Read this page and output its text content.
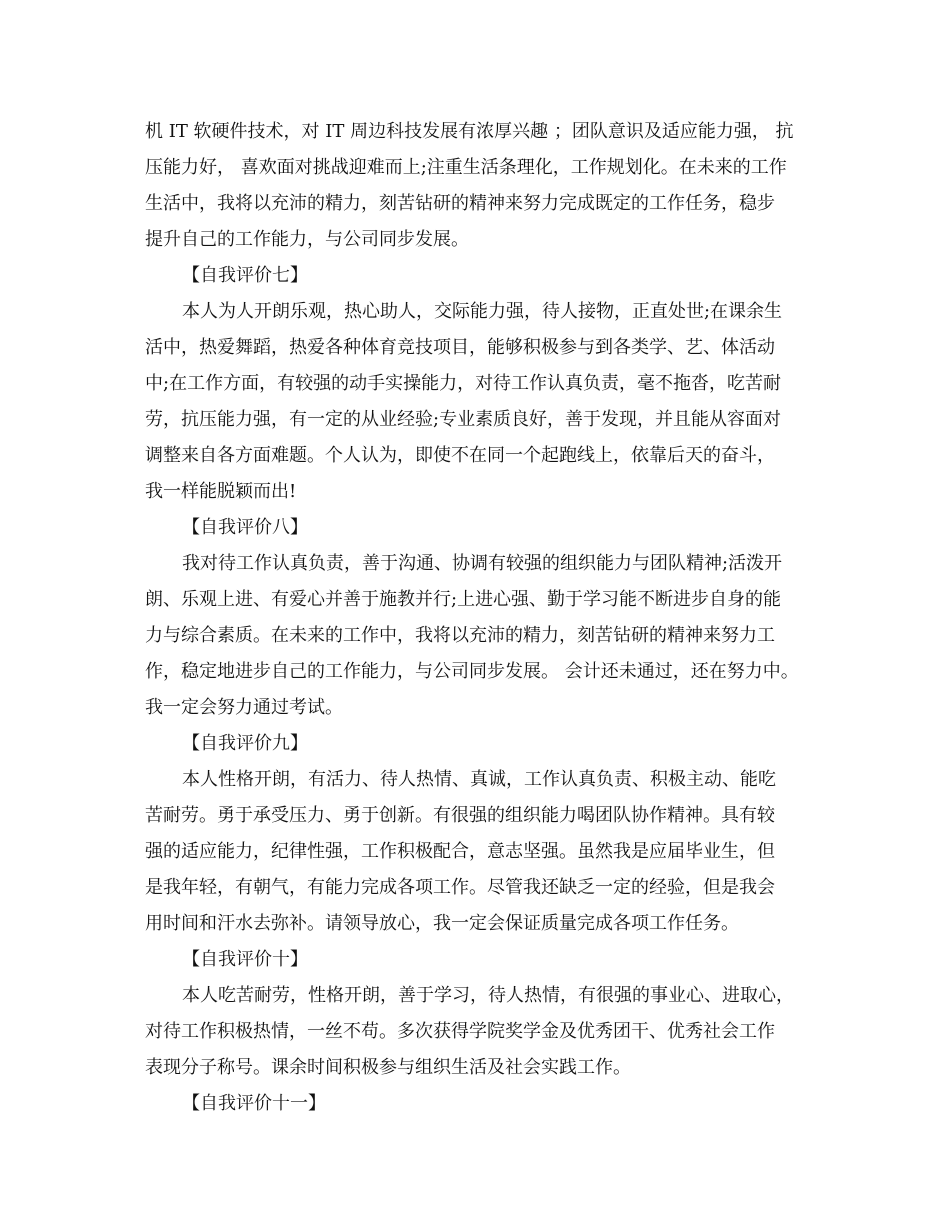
机 IT 软硬件技术，对 IT 周边科技发展有浓厚兴趣 ；团队意识及适应能力强， 抗
压能力好， 喜欢面对挑战迎难而上;注重生活条理化，工作规划化。在未来的工作
生活中，我将以充沛的精力，刻苦钻研的精神来努力完成既定的工作任务，稳步
提升自己的工作能力，与公司同步发展。
【自我评价七】
本人为人开朗乐观，热心助人，交际能力强，待人接物，正直处世;在课余生
活中，热爱舞蹈，热爱各种体育竞技项目，能够积极参与到各类学、艺、体活动
中;在工作方面，有较强的动手实操能力，对待工作认真负责，毫不拖沓，吃苦耐
劳，抗压能力强，有一定的从业经验;专业素质良好，善于发现，并且能从容面对
调整来自各方面难题。个人认为，即使不在同一个起跑线上，依靠后天的奋斗，
我一样能脱颖而出!
【自我评价八】
我对待工作认真负责，善于沟通、协调有较强的组织能力与团队精神;活泼开
朗、乐观上进、有爱心并善于施教并行;上进心强、勤于学习能不断进步自身的能
力与综合素质。在未来的工作中，我将以充沛的精力，刻苦钻研的精神来努力工
作，稳定地进步自己的工作能力，与公司同步发展。 会计还未通过，还在努力中。
我一定会努力通过考试。
【自我评价九】
本人性格开朗，有活力、待人热情、真诚，工作认真负责、积极主动、能吃
苦耐劳。勇于承受压力、勇于创新。有很强的组织能力喝团队协作精神。具有较
强的适应能力，纪律性强，工作积极配合，意志坚强。虽然我是应届毕业生，但
是我年轻，有朝气，有能力完成各项工作。尽管我还缺乏一定的经验，但是我会
用时间和汗水去弥补。请领导放心，我一定会保证质量完成各项工作任务。
【自我评价十】
本人吃苦耐劳，性格开朗，善于学习，待人热情，有很强的事业心、进取心，
对待工作积极热情，一丝不苟。多次获得学院奖学金及优秀团干、优秀社会工作
表现分子称号。课余时间积极参与组织生活及社会实践工作。
【自我评价十一】
